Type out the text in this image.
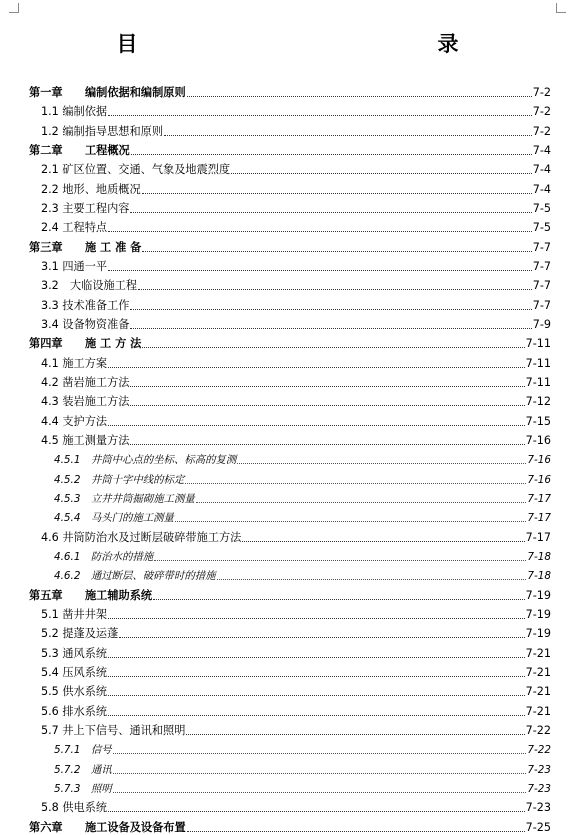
目　　录
第一章　　编制依据和编制原则	7-2
1.1 编制依据	7-2
1.2 编制指导思想和原则	7-2
第二章　　工程概况	7-4
2.1 矿区位置、交通、气象及地震烈度	7-4
2.2 地形、地质概况	7-4
2.3 主要工程内容	7-5
2.4 工程特点	7-5
第三章　　施 工 准 备	7-7
3.1 四通一平	7-7
3.2　大临设施工程	7-7
3.3 技术准备工作	7-7
3.4 设备物资准备	7-9
第四章　　施 工 方 法	7-11
4.1 施工方案	7-11
4.2 凿岩施工方法	7-11
4.3 装岩施工方法	7-12
4.4 支护方法	7-15
4.5 施工测量方法	7-16
4.5.1　井筒中心点的坐标、标高的复测	7-16
4.5.2　井筒十字中线的标定	7-16
4.5.3　立井井筒掘砌施工测量	7-17
4.5.4　马头门的施工测量	7-17
4.6 井筒防治水及过断层破碎带施工方法	7-17
4.6.1　防治水的措施	7-18
4.6.2　通过断层、破碎带时的措施	7-18
第五章　　施工辅助系统	7-19
5.1 凿井井架	7-19
5.2 提蓬及运蓬	7-19
5.3 通风系统	7-21
5.4 压风系统	7-21
5.5 供水系统	7-21
5.6 排水系统	7-21
5.7 井上下信号、通讯和照明	7-22
5.7.1　信号	7-22
5.7.2　通讯	7-23
5.7.3　照明	7-23
5.8 供电系统	7-23
第六章　　施工设备及设备布置	7-25
